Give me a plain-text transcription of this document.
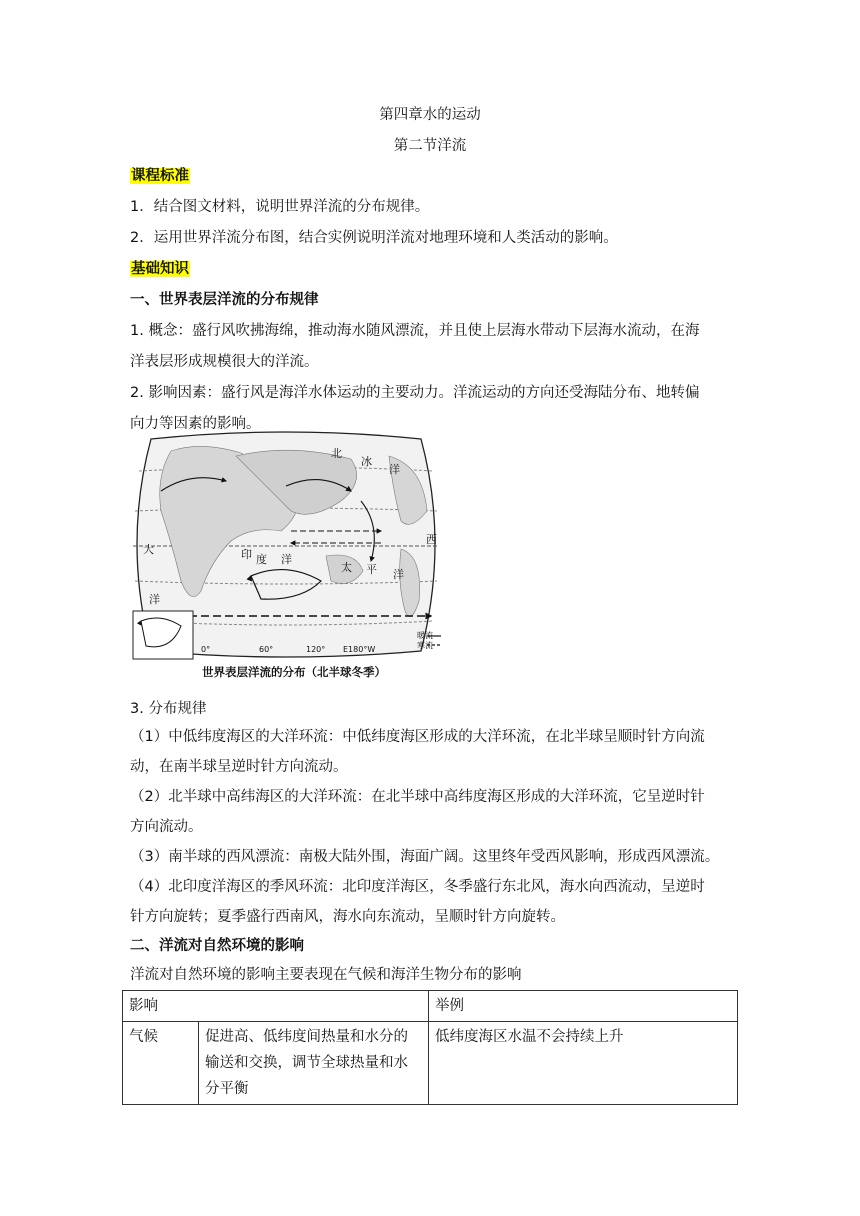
第四章水的运动
第二节洋流
课程标准
1．结合图文材料，说明世界洋流的分布规律。
2．运用世界洋流分布图，结合实例说明洋流对地理环境和人类活动的影响。
基础知识
一、世界表层洋流的分布规律
1. 概念：盛行风吹拂海绵，推动海水随风漂流，并且使上层海水带动下层海水流动，在海
洋表层形成规模很大的洋流。
2. 影响因素：盛行风是海洋水体运动的主要动力。洋流运动的方向还受海陆分布、地转偏
向力等因素的影响。
北
冰
洋
印 度 洋
太 平 洋
大
西
洋
暖流
寒流
0°	60°	120° E180°W
世界表层洋流的分布（北半球冬季）
3. 分布规律
（1）中低纬度海区的大洋环流：中低纬度海区形成的大洋环流，在北半球呈顺时针方向流
动，在南半球呈逆时针方向流动。
（2）北半球中高纬海区的大洋环流：在北半球中高纬度海区形成的大洋环流，它呈逆时针
方向流动。
（3）南半球的西风漂流：南极大陆外围，海面广阔。这里终年受西风影响，形成西风漂流。
（4）北印度洋海区的季风环流：北印度洋海区，冬季盛行东北风，海水向西流动，呈逆时
针方向旋转；夏季盛行西南风，海水向东流动，呈顺时针方向旋转。
二、洋流对自然环境的影响
洋流对自然环境的影响主要表现在气候和海洋生物分布的影响
影响		举例
气候	促进高、低纬度间热量和水分的输送和交换，调节全球热量和水分平衡	低纬度海区水温不会持续上升
